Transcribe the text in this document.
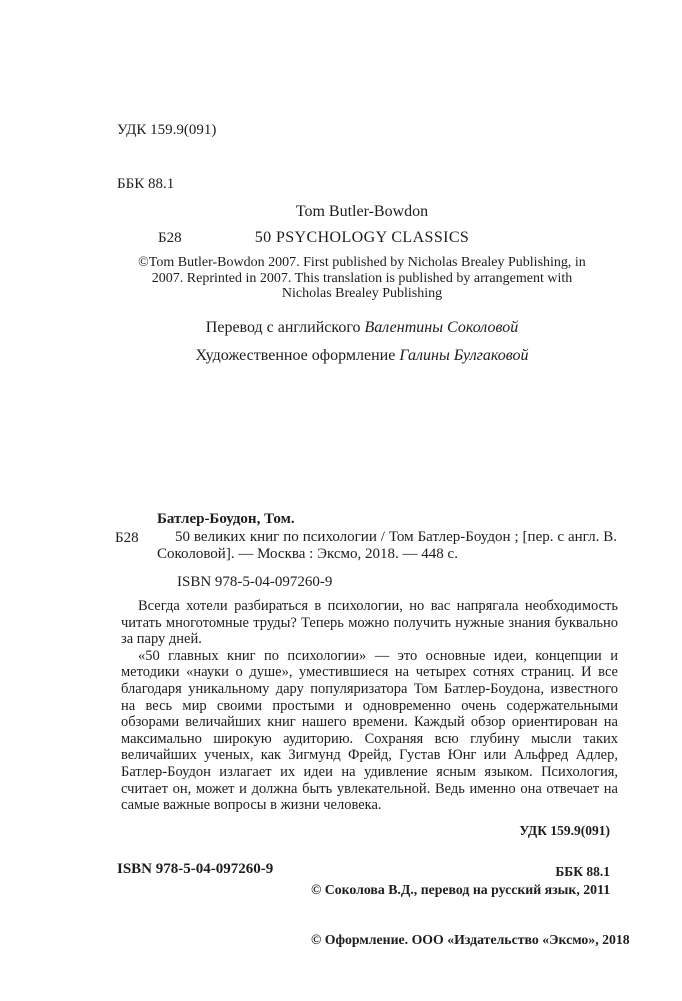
УДК 159.9(091)

ББК 88.1

Б28

Tom Butler-Bowdon
50 PSYCHOLOGY CLASSICS
©Tom Butler-Bowdon 2007. First published by Nicholas Brealey Publishing, in 2007. Reprinted in 2007. This translation is published by arrangement with Nicholas Brealey Publishing
Перевод с английского Валентины Соколовой
Художественное оформление Галины Булгаковой
Б28
Батлер-Боудон, Том.

50 великих книг по психологии / Том Батлер-Боудон ; [пер. с англ. В. Соколовой]. — Москва : Эксмо, 2018. — 448 с.

ISBN 978-5-04-097260-9

Всегда хотели разбираться в психологии, но вас напрягала необходимость читать многотомные труды? Теперь можно получить нужные знания буквально за пару дней.

«50 главных книг по психологии» — это основные идеи, концепции и методики «науки о душе», уместившиеся на четырех сотнях страниц. И все благодаря уникальному дару популяризатора Том Батлер-Боудона, известного на весь мир своими простыми и одновременно очень содержательными обзорами величайших книг нашего времени. Каждый обзор ориентирован на максимально широкую аудиторию. Сохраняя всю глубину мысли таких величайших ученых, как Зигмунд Фрейд, Густав Юнг или Альфред Адлер, Батлер-Боудон излагает их идеи на удивление ясным языком. Психология, считает он, может и должна быть увлекательной. Ведь именно она отвечает на самые важные вопросы в жизни человека.

УДК 159.9(091)

ББК 88.1

ISBN 978-5-04-097260-9

© Соколова В.Д., перевод на русский язык, 2011

© Оформление. ООО «Издательство «Эксмо», 2018
